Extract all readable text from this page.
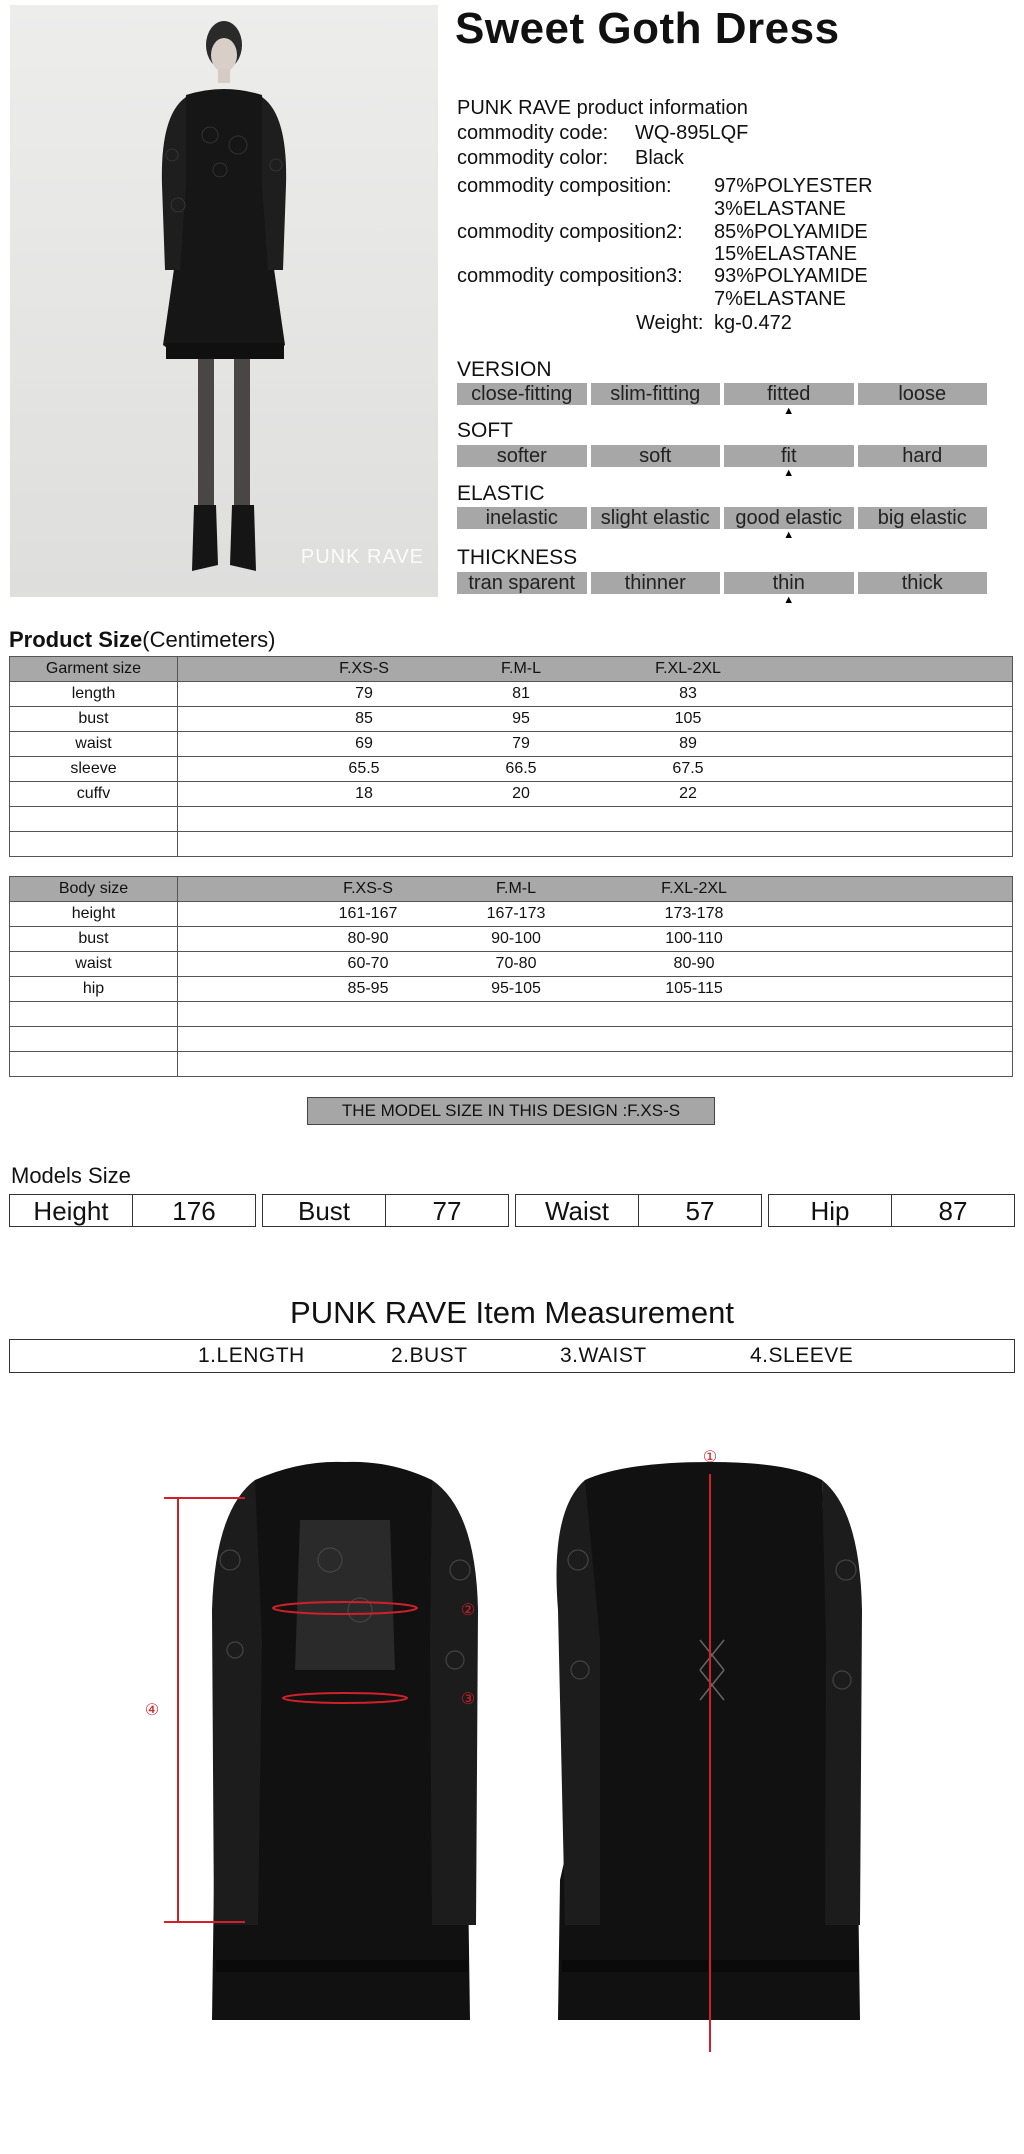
PUNK RAVE
Sweet Goth Dress
PUNK RAVE product information
commodity code: WQ-895LQF
commodity color: Black
commodity composition: 97%POLYESTER
3%ELASTANE
commodity composition2: 85%POLYAMIDE
15%ELASTANE
commodity composition3: 93%POLYAMIDE
7%ELASTANE
Weight: kg-0.472
VERSION
close-fitting	slim-fitting	fitted
▲
loose
SOFT
softer	soft	fit
▲
hard
ELASTIC
inelastic	slight elastic	good elastic
▲
big elastic
THICKNESS
tran sparent	thinner	thin
▲
thick
Product Size(Centimeters)
Garment size	F.XS-S F.M-L F.XL-2XL

length	79 81 83

bust	85 95 105

waist	69 79 89

sleeve	65.5 66.5 67.5

cuffv	18 20 22

Body size	F.XS-S F.M-L F.XL-2XL

height	161-167 167-173 173-178

bust	80-90 90-100 100-110

waist	60-70 70-80 80-90

hip	85-95 95-105 105-115

THE MODEL SIZE IN THIS DESIGN :F.XS-S
Models Size
Height	176	Bust	77	Waist	57	Hip	87
PUNK RAVE Item Measurement
1.LENGTH	2.BUST	3.WAIST	4.SLEEVE
①
②
③
④
